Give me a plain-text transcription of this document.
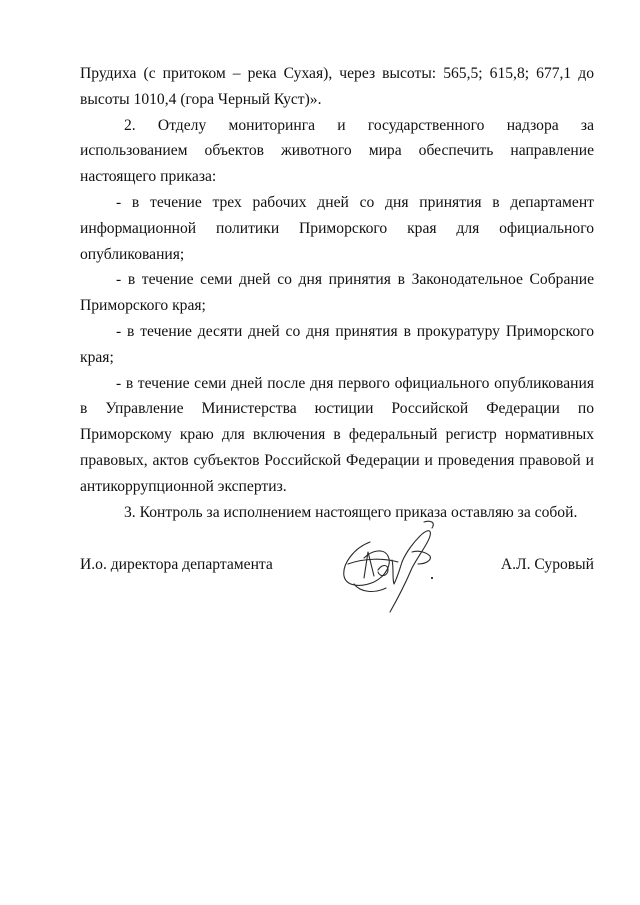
Прудиха (с притоком – река Сухая), через высоты: 565,5; 615,8; 677,1 до высоты 1010,4 (гора Черный Куст)».

2. Отделу мониторинга и государственного надзора за использованием объектов животного мира обеспечить направление настоящего приказа:

- в течение трех рабочих дней со дня принятия в департамент информационной политики Приморского края для официального опубликования;

- в течение семи дней со дня принятия в Законодательное Собрание Приморского края;

- в течение десяти дней со дня принятия в прокуратуру Приморского края;

- в течение семи дней после дня первого официального опубликования в Управление Министерства юстиции Российской Федерации по Приморскому краю для включения в федеральный регистр нормативных правовых, актов субъектов Российской Федерации и проведения правовой и антикоррупционной экспертиз.

3. Контроль за исполнением настоящего приказа оставляю за собой.

И.о. директора департамента	А.Л. Суровый
